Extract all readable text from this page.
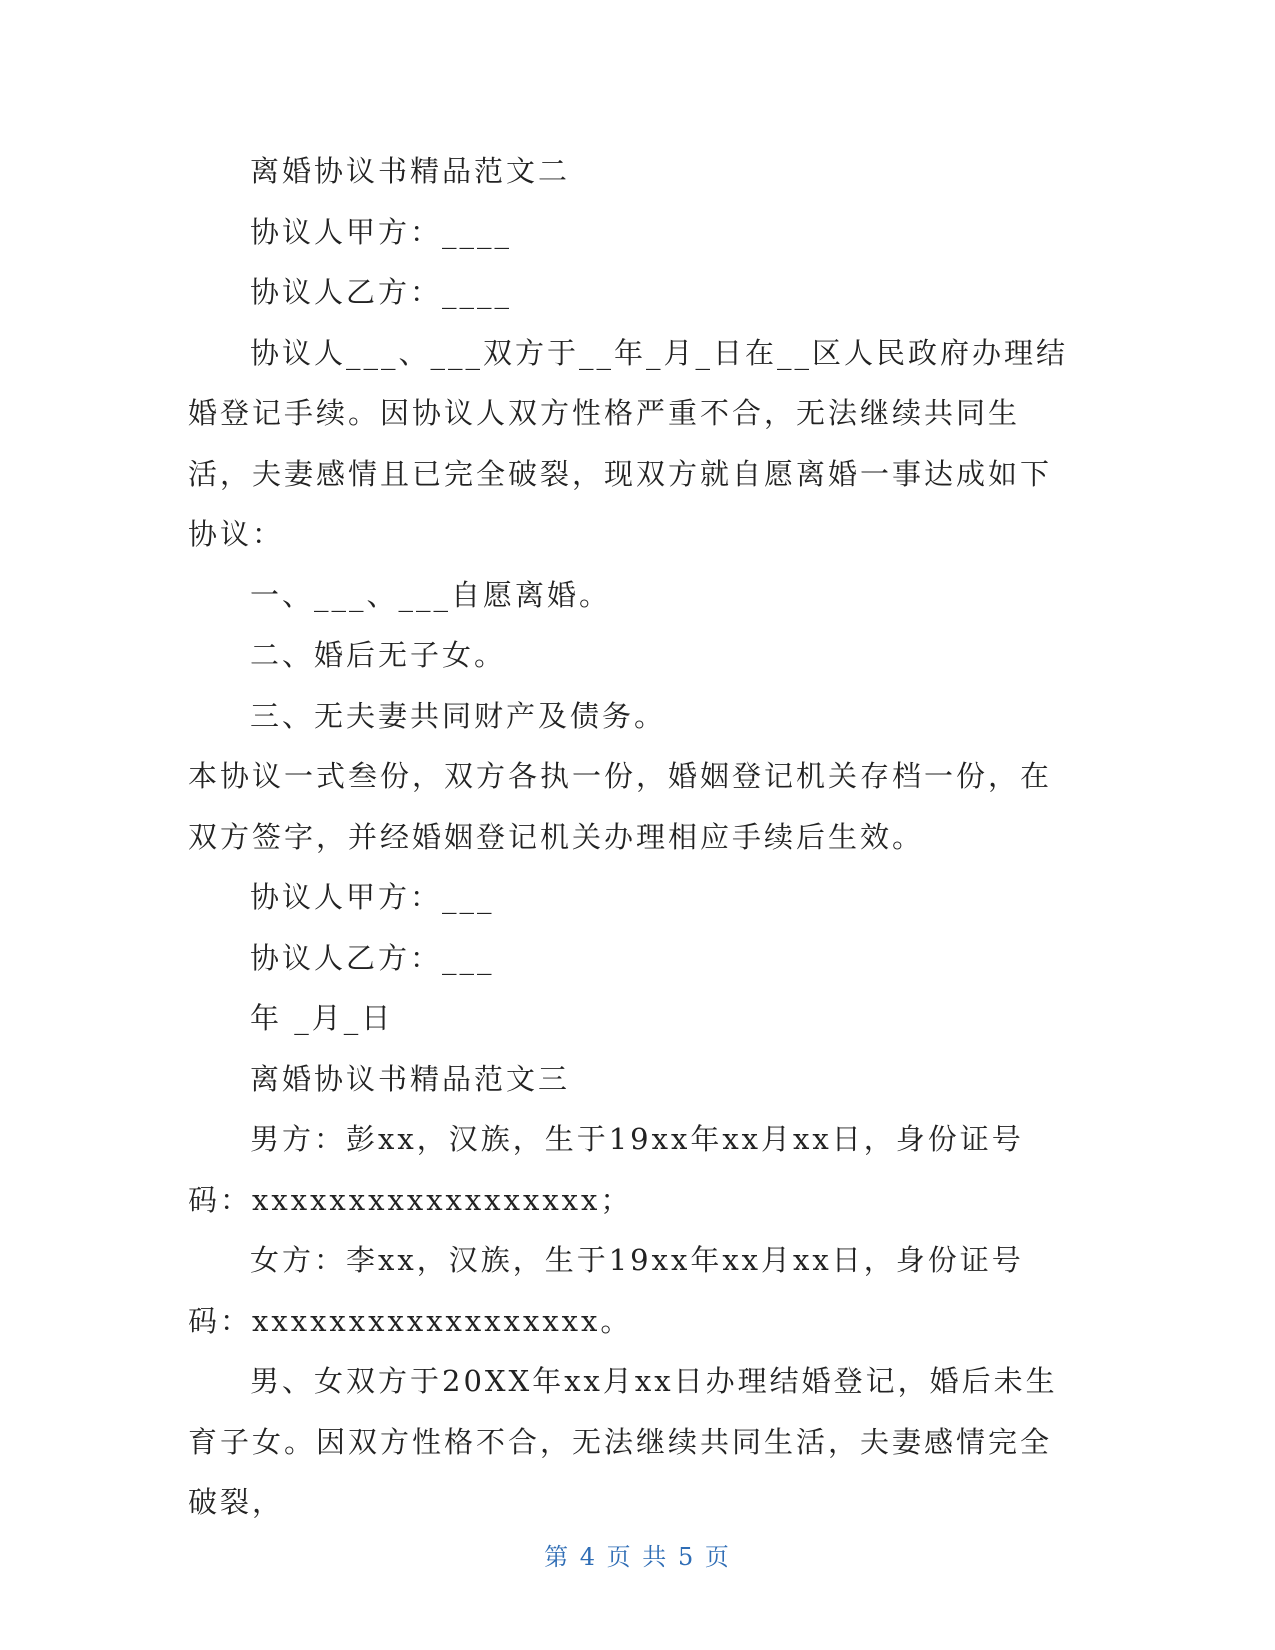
离婚协议书精品范文二

协议人甲方：____

协议人乙方：____

协议人___、___双方于__年_月_日在__区人民政府办理结婚登记手续。因协议人双方性格严重不合，无法继续共同生活，夫妻感情且已完全破裂，现双方就自愿离婚一事达成如下协议：

一、___、___自愿离婚。

二、婚后无子女。

三、无夫妻共同财产及债务。

本协议一式叁份，双方各执一份，婚姻登记机关存档一份，在双方签字，并经婚姻登记机关办理相应手续后生效。

协议人甲方：___

协议人乙方：___

年 _月_日

离婚协议书精品范文三

男方：彭xx，汉族，生于19xx年xx月xx日，身份证号码：xxxxxxxxxxxxxxxxxx；

女方：李xx，汉族，生于19xx年xx月xx日，身份证号码：xxxxxxxxxxxxxxxxxx。

男、女双方于20XX年xx月xx日办理结婚登记，婚后未生育子女。因双方性格不合，无法继续共同生活，夫妻感情完全破裂，

第 4 页 共 5 页
